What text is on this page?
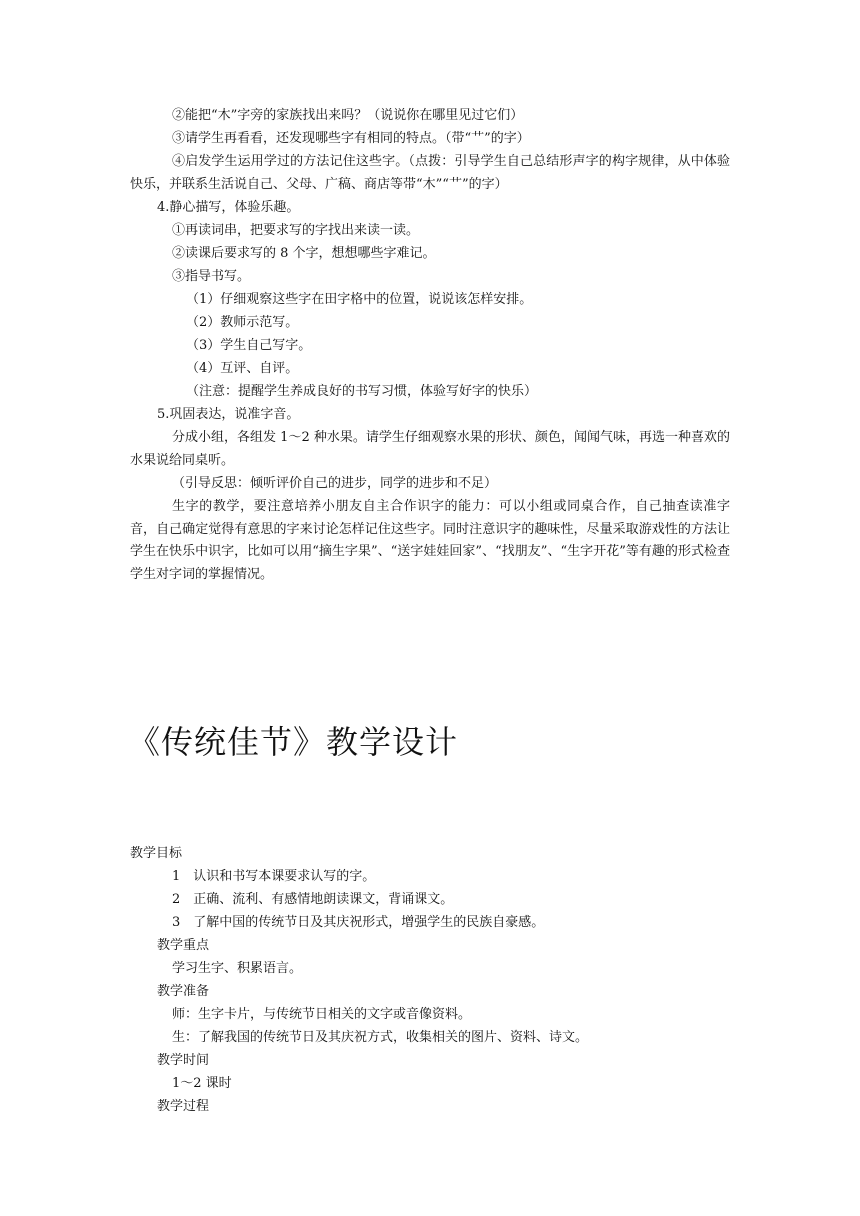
②能把“木”字旁的家族找出来吗？（说说你在哪里见过它们）
③请学生再看看，还发现哪些字有相同的特点。（带“艹”的字）
④启发学生运用学过的方法记住这些字。（点拨：引导学生自己总结形声字的构字规律，从中体验快乐，并联系生活说自己、父母、广稿、商店等带“木”“艹”的字）
4.静心描写，体验乐趣。
①再读词串，把要求写的字找出来读一读。
②读课后要求写的 8 个字，想想哪些字难记。
③指导书写。
（1）仔细观察这些字在田字格中的位置，说说该怎样安排。
（2）教师示范写。
（3）学生自己写字。
（4）互评、自评。
（注意：提醒学生养成良好的书写习惯，体验写好字的快乐）
5.巩固表达，说准字音。
分成小组，各组发 1～2 种水果。请学生仔细观察水果的形状、颜色，闻闻气味，再选一种喜欢的水果说给同桌听。
（引导反思：倾听评价自己的进步，同学的进步和不足）
生字的教学，要注意培养小朋友自主合作识字的能力：可以小组或同桌合作，自己抽查读准字音，自己确定觉得有意思的字来讨论怎样记住这些字。同时注意识字的趣味性，尽量采取游戏性的方法让学生在快乐中识字，比如可以用“摘生字果”、“送字娃娃回家”、“找朋友”、“生字开花”等有趣的形式检查学生对字词的掌握情况。
《传统佳节》教学设计
教学目标
1　认识和书写本课要求认写的字。
2　正确、流利、有感情地朗读课文，背诵课文。
3　了解中国的传统节日及其庆祝形式，增强学生的民族自豪感。
教学重点
学习生字、积累语言。
教学准备
师：生字卡片，与传统节日相关的文字或音像资料。
生：了解我国的传统节日及其庆祝方式，收集相关的图片、资料、诗文。
教学时间
1～2 课时
教学过程
